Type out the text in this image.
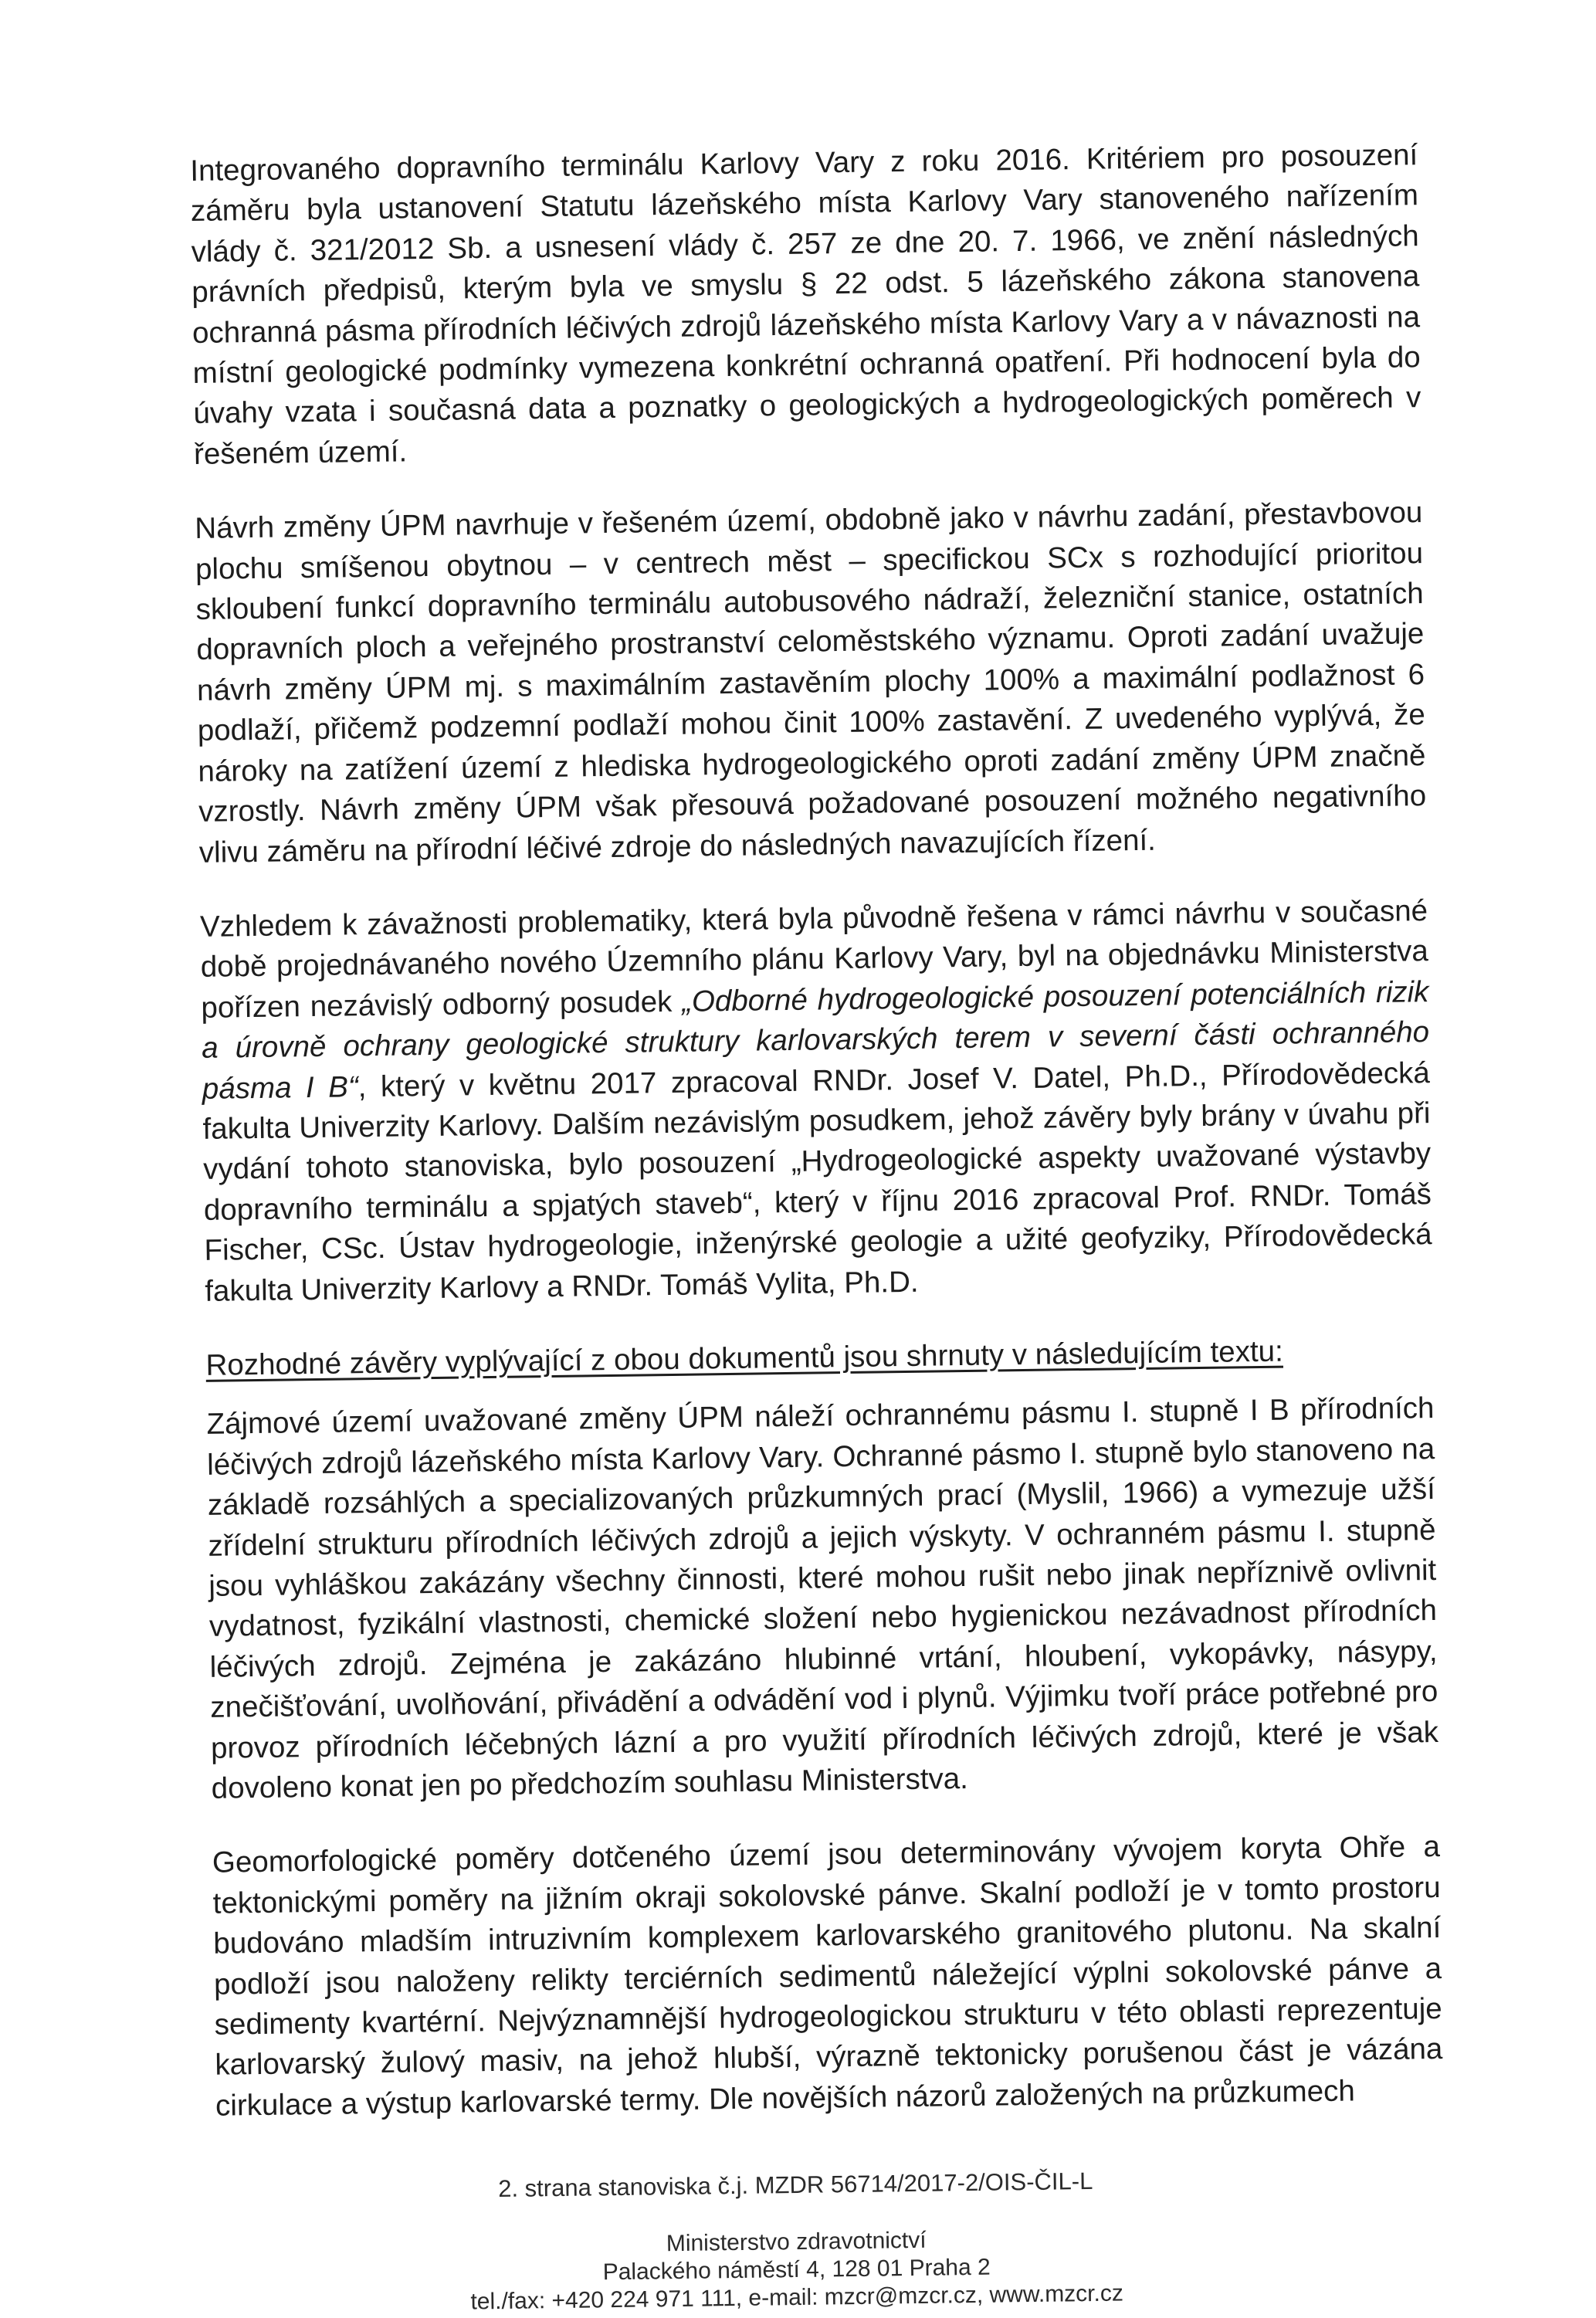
Integrovaného dopravního terminálu Karlovy Vary z roku 2016. Kritériem pro posouzení záměru byla ustanovení Statutu lázeňského místa Karlovy Vary stanoveného nařízením vlády č. 321/2012 Sb. a usnesení vlády č. 257 ze dne 20. 7. 1966, ve znění následných právních předpisů, kterým byla ve smyslu § 22 odst. 5 lázeňského zákona stanovena ochranná pásma přírodních léčivých zdrojů lázeňského místa Karlovy Vary a v návaznosti na místní geologické podmínky vymezena konkrétní ochranná opatření. Při hodnocení byla do úvahy vzata i současná data a poznatky o geologických a hydrogeologických poměrech v řešeném území.

Návrh změny ÚPM navrhuje v řešeném území, obdobně jako v návrhu zadání, přestavbovou plochu smíšenou obytnou – v centrech měst – specifickou SCx s rozhodující prioritou skloubení funkcí dopravního terminálu autobusového nádraží, železniční stanice, ostatních dopravních ploch a veřejného prostranství celoměstského významu. Oproti zadání uvažuje návrh změny ÚPM mj. s maximálním zastavěním plochy 100% a maximální podlažnost 6 podlaží, přičemž podzemní podlaží mohou činit 100% zastavění. Z uvedeného vyplývá, že nároky na zatížení území z hlediska hydrogeologického oproti zadání změny ÚPM značně vzrostly. Návrh změny ÚPM však přesouvá požadované posouzení možného negativního vlivu záměru na přírodní léčivé zdroje do následných navazujících řízení.

Vzhledem k závažnosti problematiky, která byla původně řešena v rámci návrhu v současné době projednávaného nového Územního plánu Karlovy Vary, byl na objednávku Ministerstva pořízen nezávislý odborný posudek „Odborné hydrogeologické posouzení potenciálních rizik a úrovně ochrany geologické struktury karlovarských terem v severní části ochranného pásma I B“, který v květnu 2017 zpracoval RNDr. Josef V. Datel, Ph.D., Přírodovědecká fakulta Univerzity Karlovy. Dalším nezávislým posudkem, jehož závěry byly brány v úvahu při vydání tohoto stanoviska, bylo posouzení „Hydrogeologické aspekty uvažované výstavby dopravního terminálu a spjatých staveb“, který v říjnu 2016 zpracoval Prof. RNDr. Tomáš Fischer, CSc. Ústav hydrogeologie, inženýrské geologie a užité geofyziky, Přírodovědecká fakulta Univerzity Karlovy a RNDr. Tomáš Vylita, Ph.D.

Rozhodné závěry vyplývající z obou dokumentů jsou shrnuty v následujícím textu:

Zájmové území uvažované změny ÚPM náleží ochrannému pásmu I. stupně I B přírodních léčivých zdrojů lázeňského místa Karlovy Vary. Ochranné pásmo I. stupně bylo stanoveno na základě rozsáhlých a specializovaných průzkumných prací (Myslil, 1966) a vymezuje užší zřídelní strukturu přírodních léčivých zdrojů a jejich výskyty. V ochranném pásmu I. stupně jsou vyhláškou zakázány všechny činnosti, které mohou rušit nebo jinak nepříznivě ovlivnit vydatnost, fyzikální vlastnosti, chemické složení nebo hygienickou nezávadnost přírodních léčivých zdrojů. Zejména je zakázáno hlubinné vrtání, hloubení, vykopávky, násypy, znečišťování, uvolňování, přivádění a odvádění vod i plynů. Výjimku tvoří práce potřebné pro provoz přírodních léčebných lázní a pro využití přírodních léčivých zdrojů, které je však dovoleno konat jen po předchozím souhlasu Ministerstva.

Geomorfologické poměry dotčeného území jsou determinovány vývojem koryta Ohře a tektonickými poměry na jižním okraji sokolovské pánve. Skalní podloží je v tomto prostoru budováno mladším intruzivním komplexem karlovarského granitového plutonu. Na skalní podloží jsou naloženy relikty terciérních sedimentů náležející výplni sokolovské pánve a sedimenty kvartérní. Nejvýznamnější hydrogeologickou strukturu v této oblasti reprezentuje karlovarský žulový masiv, na jehož hlubší, výrazně tektonicky porušenou část je vázána cirkulace a výstup karlovarské termy. Dle novějších názorů založených na průzkumech

2. strana stanoviska č.j. MZDR 56714/2017-2/OIS-ČIL-L
Ministerstvo zdravotnictví
Palackého náměstí 4, 128 01 Praha 2
tel./fax: +420 224 971 111, e-mail: mzcr@mzcr.cz, www.mzcr.cz
